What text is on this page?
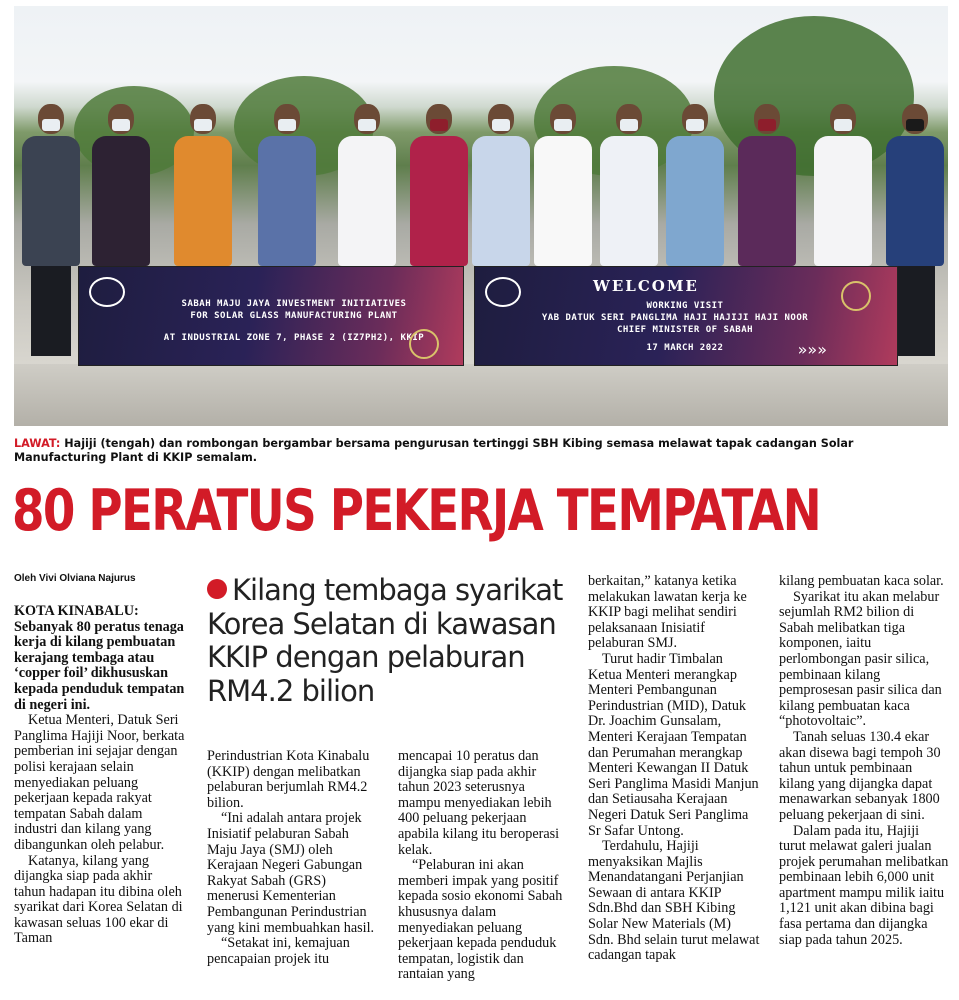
SABAH MAJU JAYA INVESTMENT INITIATIVES
FOR SOLAR GLASS MANUFACTURING PLANT
AT INDUSTRIAL ZONE 7, PHASE 2 (IZ7PH2), KKIP
WELCOME
WORKING VISIT
YAB DATUK SERI PANGLIMA HAJI HAJIJI HAJI NOOR
CHIEF MINISTER OF SABAH
17 MARCH 2022	»»»
LAWAT: Hajiji (tengah) dan rombongan bergambar bersama pengurusan tertinggi SBH Kibing semasa melawat tapak cadangan Solar Manufacturing Plant di KKIP semalam.
80 PERATUS PEKERJA TEMPATAN
Oleh Vivi Olviana Najurus

KOTA KINABALU:

Sebanyak 80 peratus tenaga kerja di kilang pembuatan kerajang tembaga atau ‘copper foil’ dikhususkan kepada penduduk tempatan di negeri ini.

Ketua Menteri, Datuk Seri Panglima Hajiji Noor, berkata pemberian ini sejajar dengan polisi kerajaan selain menyediakan peluang pekerjaan kepada rakyat tempatan Sabah dalam industri dan kilang yang dibangunkan oleh pelabur.

Katanya, kilang yang dijangka siap pada akhir tahun hadapan itu dibina oleh syarikat dari Korea Selatan di kawasan seluas 100 ekar di Taman

Kilang tembaga syarikat Korea Selatan di kawasan KKIP dengan pelaburan RM4.2 bilion

Perindustrian Kota Kinabalu (KKIP) dengan melibatkan pelaburan berjumlah RM4.2 bilion.

“Ini adalah antara projek Inisiatif pelaburan Sabah Maju Jaya (SMJ) oleh Kerajaan Negeri Gabungan Rakyat Sabah (GRS) menerusi Kementerian Pembangunan Perindustrian yang kini membuahkan hasil.

“Setakat ini, kemajuan pencapaian projek itu

mencapai 10 peratus dan dijangka siap pada akhir tahun 2023 seterusnya mampu menyediakan lebih 400 peluang pekerjaan apabila kilang itu beroperasi kelak.

“Pelaburan ini akan memberi impak yang positif kepada sosio ekonomi Sabah khususnya dalam menyediakan peluang pekerjaan kepada penduduk tempatan, logistik dan rantaian yang

berkaitan,” katanya ketika melakukan lawatan kerja ke KKIP bagi melihat sendiri pelaksanaan Inisiatif pelaburan SMJ.

Turut hadir Timbalan Ketua Menteri merangkap Menteri Pembangunan Perindustrian (MID), Datuk Dr. Joachim Gunsalam, Menteri Kerajaan Tempatan dan Perumahan merangkap Menteri Kewangan II Datuk Seri Panglima Masidi Manjun dan Setiausaha Kerajaan Negeri Datuk Seri Panglima Sr Safar Untong.

Terdahulu, Hajiji menyaksikan Majlis Menandatangani Perjanjian Sewaan di antara KKIP Sdn.Bhd dan SBH Kibing Solar New Materials (M) Sdn. Bhd selain turut melawat cadangan tapak

kilang pembuatan kaca solar.

Syarikat itu akan melabur sejumlah RM2 bilion di Sabah melibatkan tiga komponen, iaitu perlombongan pasir silica, pembinaan kilang pemprosesan pasir silica dan kilang pembuatan kaca “photovoltaic”.

Tanah seluas 130.4 ekar akan disewa bagi tempoh 30 tahun untuk pembinaan kilang yang dijangka dapat menawarkan sebanyak 1800 peluang pekerjaan di sini.

Dalam pada itu, Hajiji turut melawat galeri jualan projek perumahan melibatkan pembinaan lebih 6,000 unit apartment mampu milik iaitu 1,121 unit akan dibina bagi fasa pertama dan dijangka siap pada tahun 2025.
